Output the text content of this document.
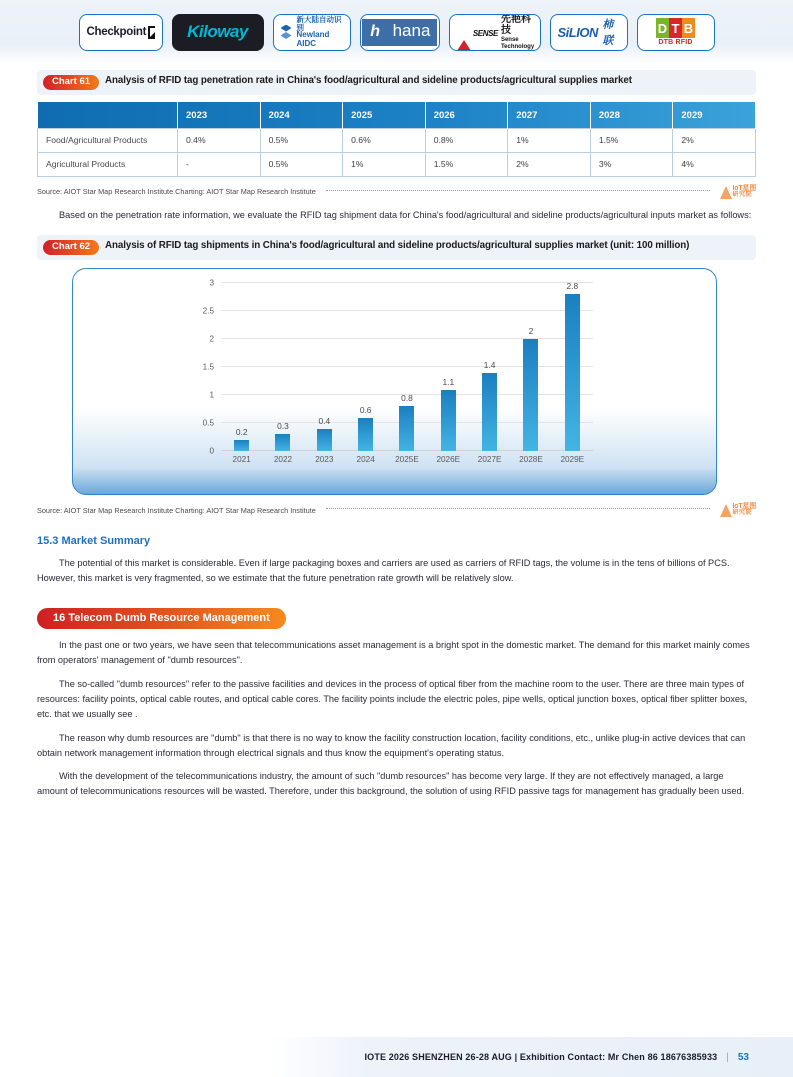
Checkpoint Kiloway
新大陆自动识别
Newland AIDC
h hana	SENSE
先艳科技
Sense Technology
SiLION
柿联
D T B
DTB RFID
Chart 61	Analysis of RFID tag penetration rate in China's food/agricultural and sideline products/agricultural supplies market
	2023	2024	2025	2026	2027	2028	2029
Food/Agricultural Products	0.4%	0.5%	0.6%	0.8%	1%	1.5%	2%
Agricultural Products	-	0.5%	1%	1.5%	2%	3%	4%
Source: AIOT Star Map Research Institute Charting: AIOT Star Map Research Institute	IoT星图
研究院

Based on the penetration rate information, we evaluate the RFID tag shipment data for China's food/agricultural and sideline products/agricultural inputs market as follows:

Chart 62	Analysis of RFID tag shipments in China's food/agricultural and sideline products/agricultural supplies market (unit: 100 million)
0
0.5
1
1.5
2
2.5
3
0.2
0.3
0.4
0.6
0.8
1.1
1.4
2
2.8
2021	2022	2023	2024	2025E	2026E	2027E	2028E	2029E
Source: AIOT Star Map Research Institute Charting: AIOT Star Map Research Institute	IoT星图
研究院
15.3 Market Summary

The potential of this market is considerable. Even if large packaging boxes and carriers are used as carriers of RFID tags, the volume is in the tens of billions of PCS. However, this market is very fragmented, so we estimate that the future penetration rate growth will be relatively slow.

16 Telecom Dumb Resource Management

In the past one or two years, we have seen that telecommunications asset management is a bright spot in the domestic market. The demand for this market mainly comes from operators' management of "dumb resources".

The so-called "dumb resources" refer to the passive facilities and devices in the process of optical fiber from the machine room to the user. There are three main types of resources: facility points, optical cable routes, and optical cable cores. The facility points include the electric poles, pipe wells, optical junction boxes, optical fiber splitter boxes, etc. that we usually see .

The reason why dumb resources are "dumb" is that there is no way to know the facility construction location, facility conditions, etc., unlike plug-in active devices that can obtain network management information through electrical signals and thus know the equipment's operating status.

With the development of the telecommunications industry, the amount of such "dumb resources" has become very large. If they are not effectively managed, a large amount of telecommunications resources will be wasted. Therefore, under this background, the solution of using RFID passive tags for management has gradually been used.

IOTE 2026 SHENZHEN 26-28 AUG | Exhibition Contact: Mr Chen 86 18676385933 | 53
